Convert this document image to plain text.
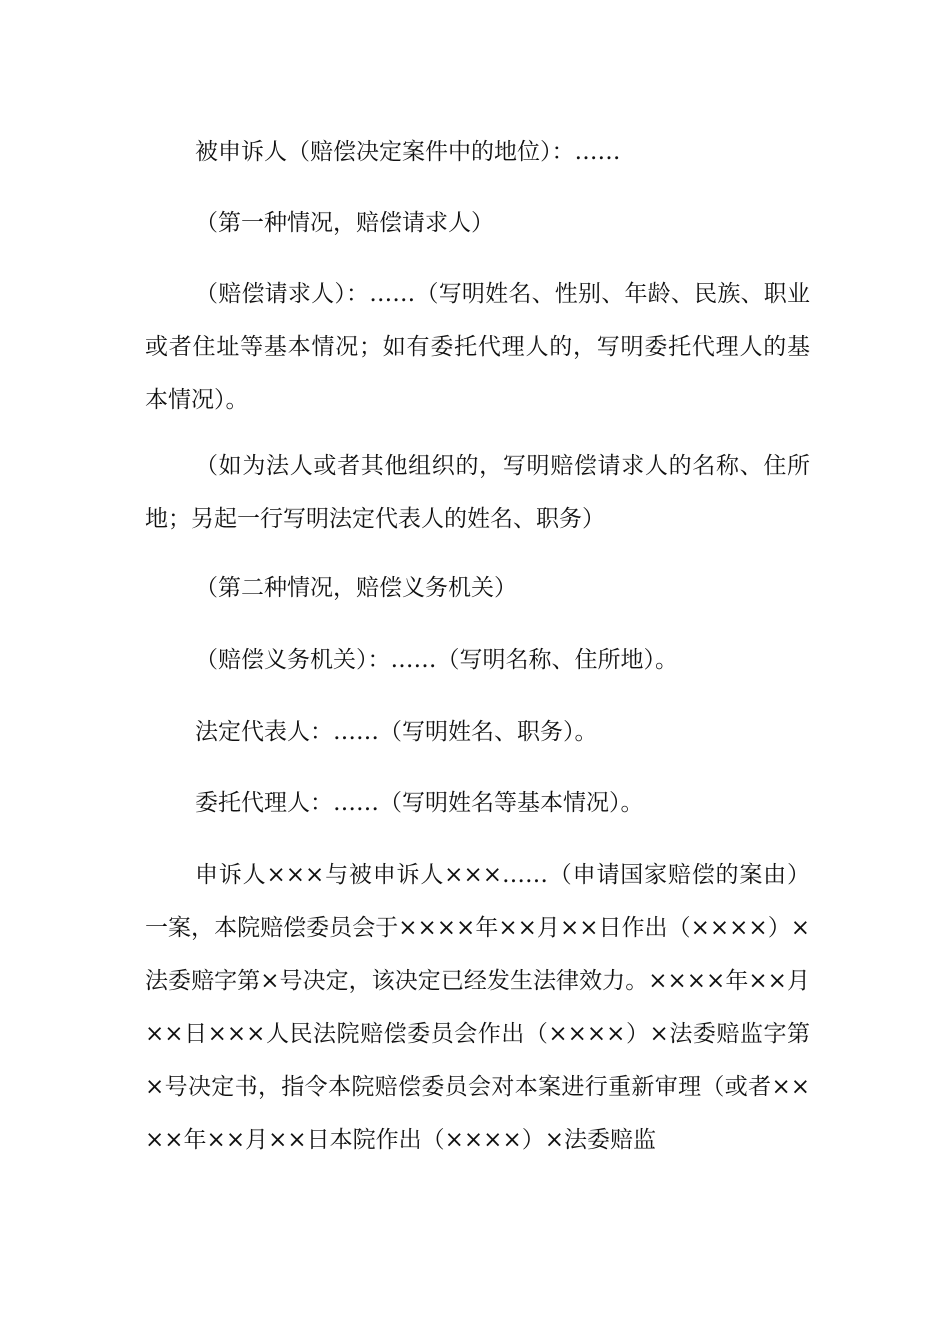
被申诉人（赔偿决定案件中的地位）：……

（第一种情况，赔偿请求人）

（赔偿请求人）：……（写明姓名、性别、年龄、民族、职业或者住址等基本情况；如有委托代理人的，写明委托代理人的基本情况）。

（如为法人或者其他组织的，写明赔偿请求人的名称、住所地；另起一行写明法定代表人的姓名、职务）

（第二种情况，赔偿义务机关）

（赔偿义务机关）：……（写明名称、住所地）。

法定代表人：……（写明姓名、职务）。

委托代理人：……（写明姓名等基本情况）。

申诉人×××与被申诉人×××……（申请国家赔偿的案由）一案，本院赔偿委员会于××××年××月××日作出（××××）×法委赔字第×号决定，该决定已经发生法律效力。××××年××月××日×××人民法院赔偿委员会作出（××××）×法委赔监字第×号决定书，指令本院赔偿委员会对本案进行重新审理（或者××××年××月××日本院作出（××××）×法委赔监
